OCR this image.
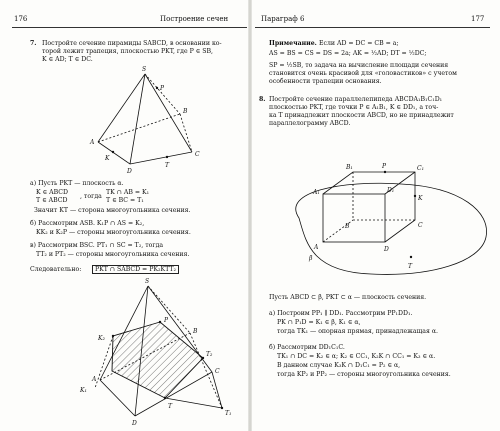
176	Построение сечен
7. Постройте сечение пирамиды SABCD, в основании ко-
торой лежит трапеция, плоскостью PKT, где P ∈ SB,
K ∈ AD; T ∈ DC.
S
P
B
C
A
K
D
T
а) Пусть PKT — плоскость α.
K ∈ ABCD
T ∈ ABCD
, тогда
TK ∩ AB = K₁
T ∈ BC = T₁
Значит KT — сторона многоугольника сечения.
б) Рассмотрим ASB. K₁P ∩ AS = K₂,
KK₂ и K₂P — стороны многоугольника сечения.
в) Рассмотрим BSC. PT₁ ∩ SC = T₂, тогда
TT₂ и PT₂ — стороны многоугольника сечения.
Следовательно:	PKT ∩ SABCD = PK₂KTT₂
S
P
K₂
T₂
A
K₁
B
C
D
T
T₁
Параграф 6	177
Примечание. Если AD = DC = CB = a;
AS = BS = CS = DS = 2a; AK = ½AD; DT = ½DC;
SP = ½SB, то задача на вычисление площади сечения
становится очень красивой для «головастиков» с учетом
особенности трапеции основания.
8. Постройте сечение параллелепипеда ABCDA₁B₁C₁D₁
плоскостью PKT, где точки P ∈ A₁B₁, K ∈ DD₁, а точ-
ка T принадлежит плоскости ABCD, но не принадлежит
параллелограмму ABCD.
B₁	C₁
P
A₁	D₁
K
B	C
A	D
β
T
Пусть ABCD ⊂ β, PKT ⊂ α — плоскость сечения.
а) Построим PP₁ ∥ DD₁. Рассмотрим PP₁DD₁.
PK ∩ P₁D = K₁ ∈ β, K₁ ∈ α,
тогда TK₁ — опорная прямая, принадлежащая α.
б) Рассмотрим DD₁C₁C.
TK₁ ∩ DC = K₂ ∈ α; K₂ ∈ CC₁, K₂K ∩ CC₁ = K₃ ∈ α.
В данном случае K₃K ∩ D₁C₁ = P₂ ∈ α,
тогда KP₂ и PP₂ — стороны многоугольника сечения.
